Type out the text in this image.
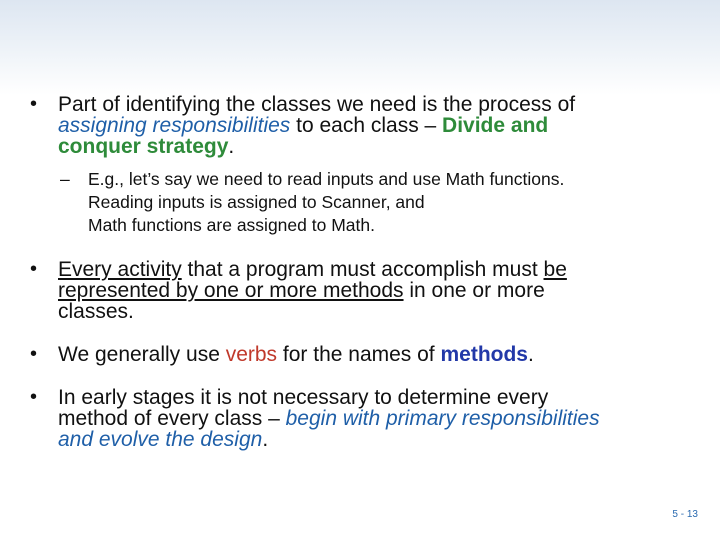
• Part of identifying the classes we need is the process of
assigning responsibilities to each class – Divide and
conquer strategy.
– E.g., let’s say we need to read inputs and use Math functions.
Reading inputs is assigned to Scanner, and
Math functions are assigned to Math.
• Every activity that a program must accomplish must be
represented by one or more methods in one or more
classes.
• We generally use verbs for the names of methods.
• In early stages it is not necessary to determine every
method of every class – begin with primary responsibilities
and evolve the design.
5 - 13
